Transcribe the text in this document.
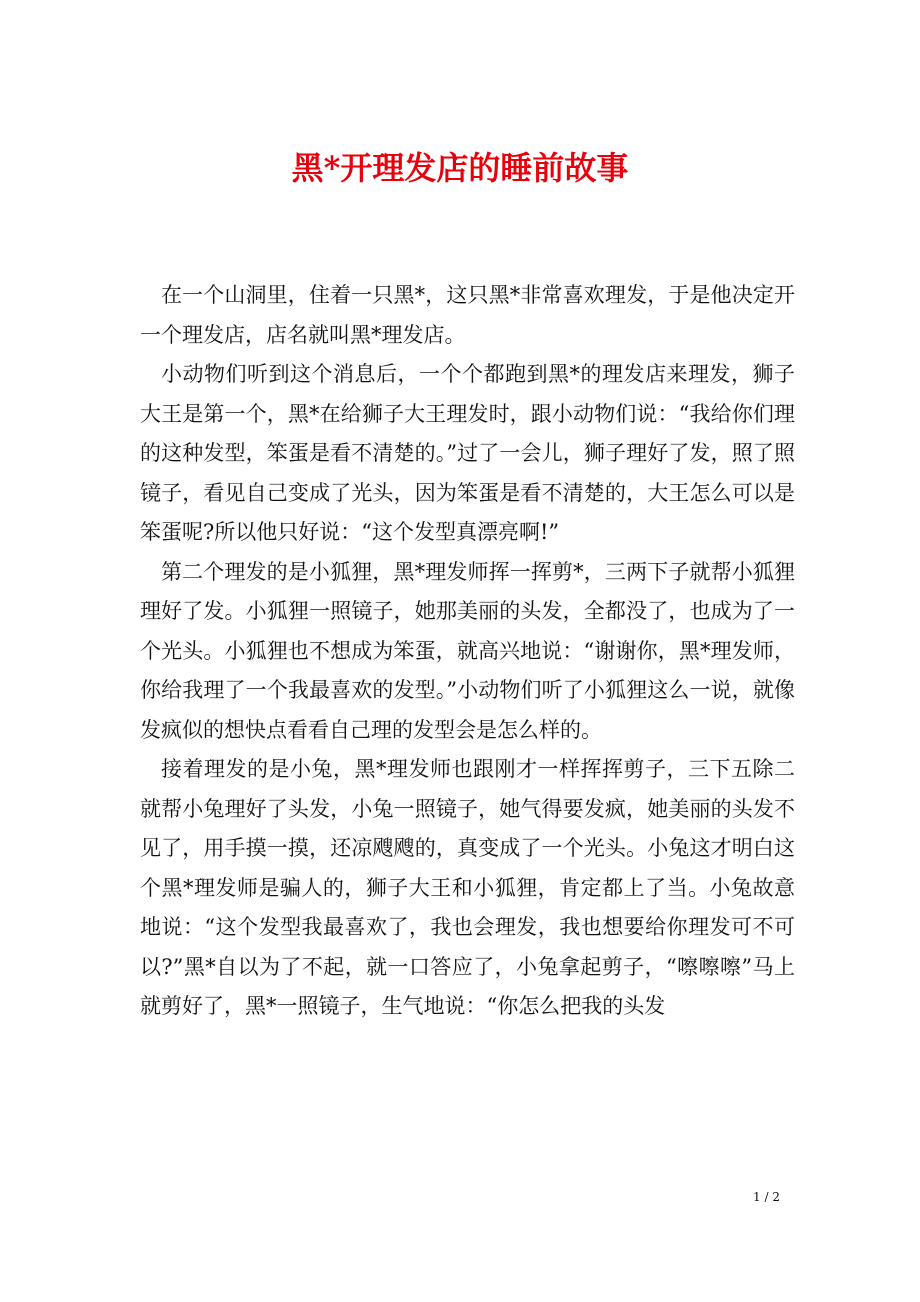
黑*开理发店的睡前故事

在一个山洞里，住着一只黑*，这只黑*非常喜欢理发，于是他决定开一个理发店，店名就叫黑*理发店。

小动物们听到这个消息后，一个个都跑到黑*的理发店来理发，狮子大王是第一个，黑*在给狮子大王理发时，跟小动物们说：“我给你们理的这种发型，笨蛋是看不清楚的。”过了一会儿，狮子理好了发，照了照镜子，看见自己变成了光头，因为笨蛋是看不清楚的，大王怎么可以是笨蛋呢?所以他只好说：“这个发型真漂亮啊!”

第二个理发的是小狐狸，黑*理发师挥一挥剪*，三两下子就帮小狐狸理好了发。小狐狸一照镜子，她那美丽的头发，全都没了，也成为了一个光头。小狐狸也不想成为笨蛋，就高兴地说：“谢谢你，黑*理发师，你给我理了一个我最喜欢的发型。”小动物们听了小狐狸这么一说，就像发疯似的想快点看看自己理的发型会是怎么样的。

接着理发的是小兔，黑*理发师也跟刚才一样挥挥剪子，三下五除二就帮小兔理好了头发，小兔一照镜子，她气得要发疯，她美丽的头发不见了，用手摸一摸，还凉飕飕的，真变成了一个光头。小兔这才明白这个黑*理发师是骗人的，狮子大王和小狐狸，肯定都上了当。小兔故意地说：“这个发型我最喜欢了，我也会理发，我也想要给你理发可不可以?”黑*自以为了不起，就一口答应了，小兔拿起剪子，“嚓嚓嚓”马上就剪好了，黑*一照镜子，生气地说：“你怎么把我的头发

1 / 2
